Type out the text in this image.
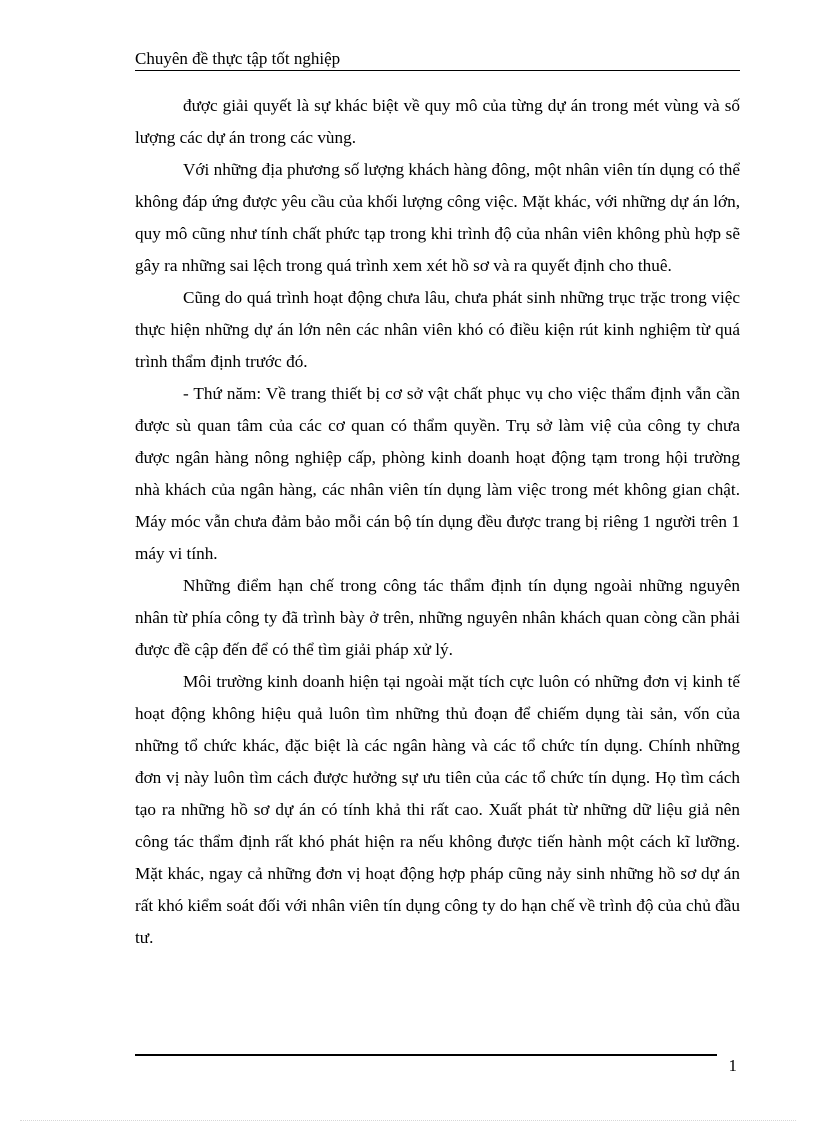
Chuyên đề thực tập tốt nghiệp

được giải quyết là sự khác biệt về quy mô của từng dự án trong mét vùng và số lượng các dự án trong các vùng.

Với những địa phương số lượng khách hàng đông, một nhân viên tín dụng có thể không đáp ứng được yêu cầu của khối lượng công việc. Mặt khác, với những dự án lớn, quy mô cũng như tính chất phức tạp trong khi trình độ của nhân viên không phù hợp sẽ gây ra những sai lệch trong quá trình xem xét hồ sơ và ra quyết định cho thuê.

Cũng do quá trình hoạt động chưa lâu, chưa phát sinh những trục trặc trong việc thực hiện những dự án lớn nên các nhân viên khó có điều kiện rút kinh nghiệm từ quá trình thẩm định trước đó.

- Thứ năm: Về trang thiết bị cơ sở vật chất phục vụ cho việc thẩm định vẫn cần được sù quan tâm của các cơ quan có thẩm quyền. Trụ sở làm việ của công ty chưa được ngân hàng nông nghiệp cấp, phòng kinh doanh hoạt động tạm trong hội trường nhà khách của ngân hàng, các nhân viên tín dụng làm việc trong mét không gian chật. Máy móc vẫn chưa đảm bảo mỗi cán bộ tín dụng đều được trang bị riêng 1 người trên 1 máy vi tính.

Những điểm hạn chế trong công tác thẩm định tín dụng ngoài những nguyên nhân từ phía công ty đã trình bày ở trên, những nguyên nhân khách quan còng cần phải được đề cập đến để có thể tìm giải pháp xử lý.

Môi trường kinh doanh hiện tại ngoài mặt tích cực luôn có những đơn vị kinh tế hoạt động không hiệu quả luôn tìm những thủ đoạn để chiếm dụng tài sản, vốn của những tổ chức khác, đặc biệt là các ngân hàng và các tổ chức tín dụng. Chính những đơn vị này luôn tìm cách được hưởng sự ưu tiên của các tổ chức tín dụng. Họ tìm cách tạo ra những hồ sơ dự án có tính khả thi rất cao. Xuất phát từ những dữ liệu giả nên công tác thẩm định rất khó phát hiện ra nếu không được tiến hành một cách kĩ lưỡng. Mặt khác, ngay cả những đơn vị hoạt động hợp pháp cũng nảy sinh những hồ sơ dự án rất khó kiểm soát đối với nhân viên tín dụng công ty do hạn chế về trình độ của chủ đầu tư.

1
